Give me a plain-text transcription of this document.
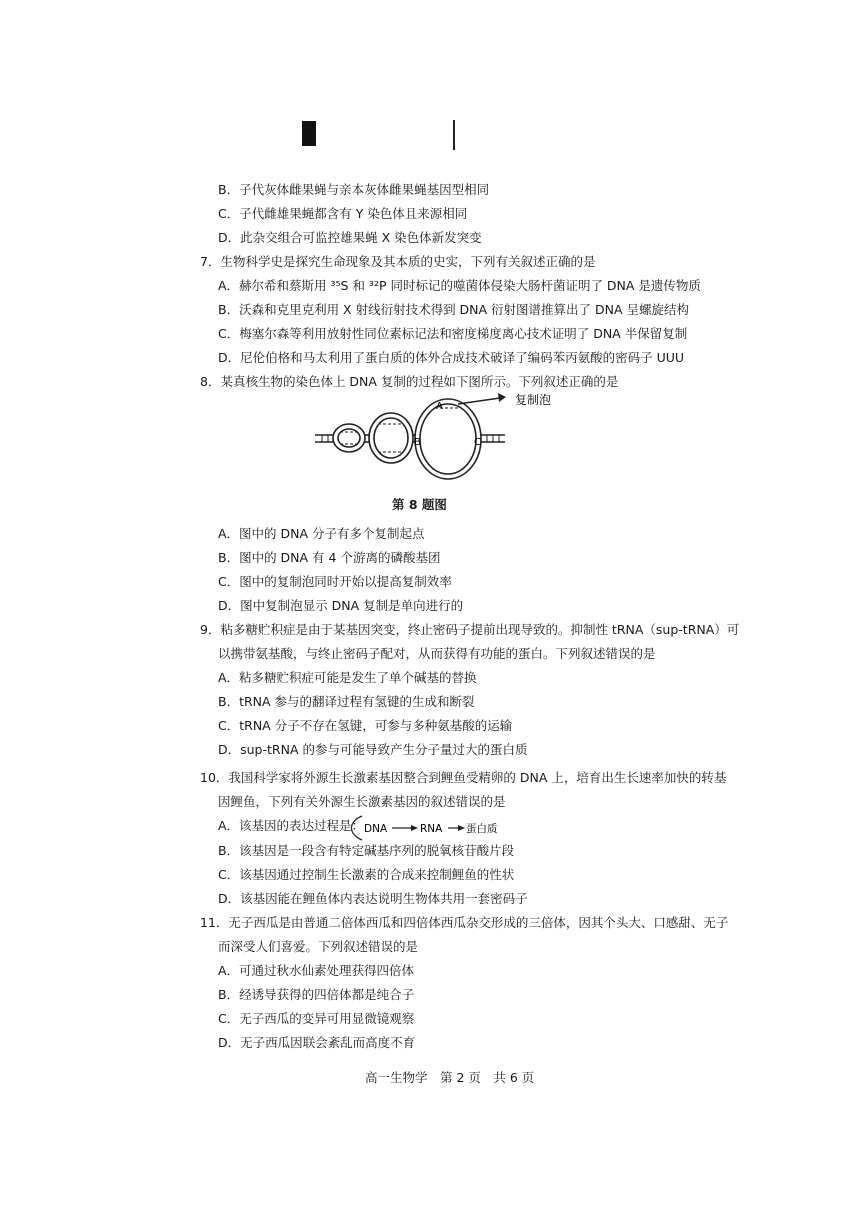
B．子代灰体雌果蝇与亲本灰体雌果蝇基因型相同
C．子代雌雄果蝇都含有 Y 染色体且来源相同
D．此杂交组合可监控雄果蝇 X 染色体新发突变
7．生物科学史是探究生命现象及其本质的史实，下列有关叙述正确的是
A．赫尔希和蔡斯用 ³⁵S 和 ³²P 同时标记的噬菌体侵染大肠杆菌证明了 DNA 是遗传物质
B．沃森和克里克利用 X 射线衍射技术得到 DNA 衍射图谱推算出了 DNA 呈螺旋结构
C．梅塞尔森等利用放射性同位素标记法和密度梯度离心技术证明了 DNA 半保留复制
D．尼伦伯格和马太利用了蛋白质的体外合成技术破译了编码苯丙氨酸的密码子 UUU
8．某真核生物的染色体上 DNA 复制的过程如下图所示。下列叙述正确的是
A
B	C
复制泡
第 8 题图
A．图中的 DNA 分子有多个复制起点
B．图中的 DNA 有 4 个游离的磷酸基团
C．图中的复制泡同时开始以提高复制效率
D．图中复制泡显示 DNA 复制是单向进行的
9．粘多糖贮积症是由于某基因突变，终止密码子提前出现导致的。抑制性 tRNA（sup-tRNA）可
以携带氨基酸，与终止密码子配对，从而获得有功能的蛋白。下列叙述错误的是
A．粘多糖贮积症可能是发生了单个碱基的替换
B．tRNA 参与的翻译过程有氢键的生成和断裂
C．tRNA 分子不存在氢键，可参与多种氨基酸的运输
D．sup-tRNA 的参与可能导致产生分子量过大的蛋白质
10．我国科学家将外源生长激素基因整合到鲤鱼受精卵的 DNA 上，培育出生长速率加快的转基
因鲤鱼，下列有关外源生长激素基因的叙述错误的是
A．该基因的表达过程是： DNA	RNA 蛋白质
B．该基因是一段含有特定碱基序列的脱氧核苷酸片段
C．该基因通过控制生长激素的合成来控制鲤鱼的性状
D．该基因能在鲤鱼体内表达说明生物体共用一套密码子
11．无子西瓜是由普通二倍体西瓜和四倍体西瓜杂交形成的三倍体，因其个头大、口感甜、无子
而深受人们喜爱。下列叙述错误的是
A．可通过秋水仙素处理获得四倍体
B．经诱导获得的四倍体都是纯合子
C．无子西瓜的变异可用显微镜观察
D．无子西瓜因联会紊乱而高度不育
高一生物学　第 2 页　共 6 页
